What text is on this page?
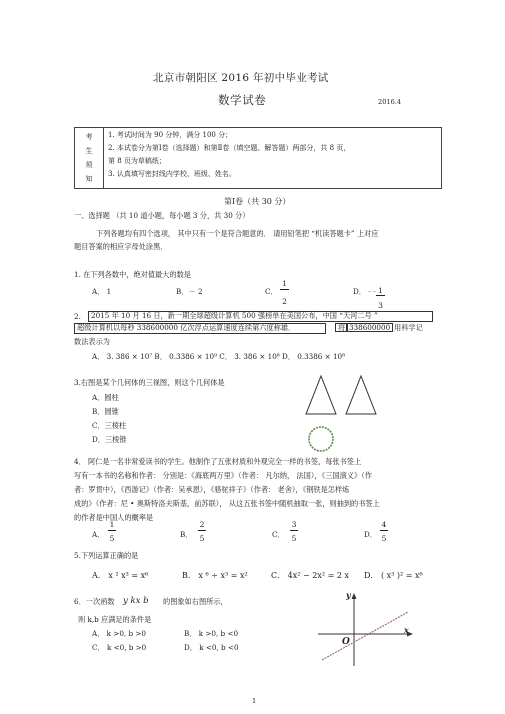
北京市朝阳区 2016 年初中毕业考试
数学试卷	2016.4
考
生
须
知	
1. 考试时间为 90 分钟，满分 100 分；
2. 本试卷分为第Ⅰ卷（选择题）和第Ⅱ卷（填空题、解答题）两部分，共 8 页，
第 8 页为草稿纸；
3. 认真填写密封线内学校、班级、姓名。
第Ⅰ卷（共 30 分）
一、选择题 （共 10 道小题，每小题 3 分，共 30 分）
下列各题均有四个选项， 其中只有一个是符合题意的． 请用铅笔把 “机读答题卡” 上对应
题目答案的相应字母处涂黑．
1. 在下列各数中，绝对值最大的数是
A． 1	B．－ 2	C．
1
2
D． _ _ 1
3
2.	2015 年 10 月 16 日，新一期全球超级计算机 500 强榜单在美国公布，中国 “天河二号 ”
超级计算机以每秒 338600000 亿次浮点运算速度连续第六度称雄．	将 338600000 用科学记
数法表示为
A． 3. 386 × 10⁷ B． 0.3386 × 10⁹ C． 3. 386 × 10⁸ D． 0.3386 × 10⁸
3.右图是某个几何体的三视图，则这个几何体是
A．圆柱
B．圆锥
C．三棱柱
D．三棱锥
4． 阿仁是一名非常爱读书的学生。他制作了五张材质和外观完全一样的书签，每张书签上
写有一本书的名称和作者： 分别是：《海底两万里》（作者： 凡尔纳， 法国），《三国演义》（作
者：罗贯中），《西游记》（作者：吴承恩），《骆驼祥子》（作者： 老舍），《钢铁是怎样炼
成的》（作者：尼 • 奥斯特洛夫斯基，前苏联）， 从这五张书签中随机抽取一张，则抽到的书签上
的作者是中国人的概率是
A．
1
5	B．
2
5	C．
3
5	D．
4
5
5.下列运算正确的是
A． x ² x³ = x⁶	B． x ⁶ ÷ x³ = x²	C． 4x² − 2x² = 2 x D． ( x³ )² = x⁶
6．一次函数 y kx b 的图象如右图所示，
则 k,b 应满足的条件是
A． k >0, b >0	B． k >0, b <0
C． k <0, b >0	D． k <0, b <0
y
x
O
1
